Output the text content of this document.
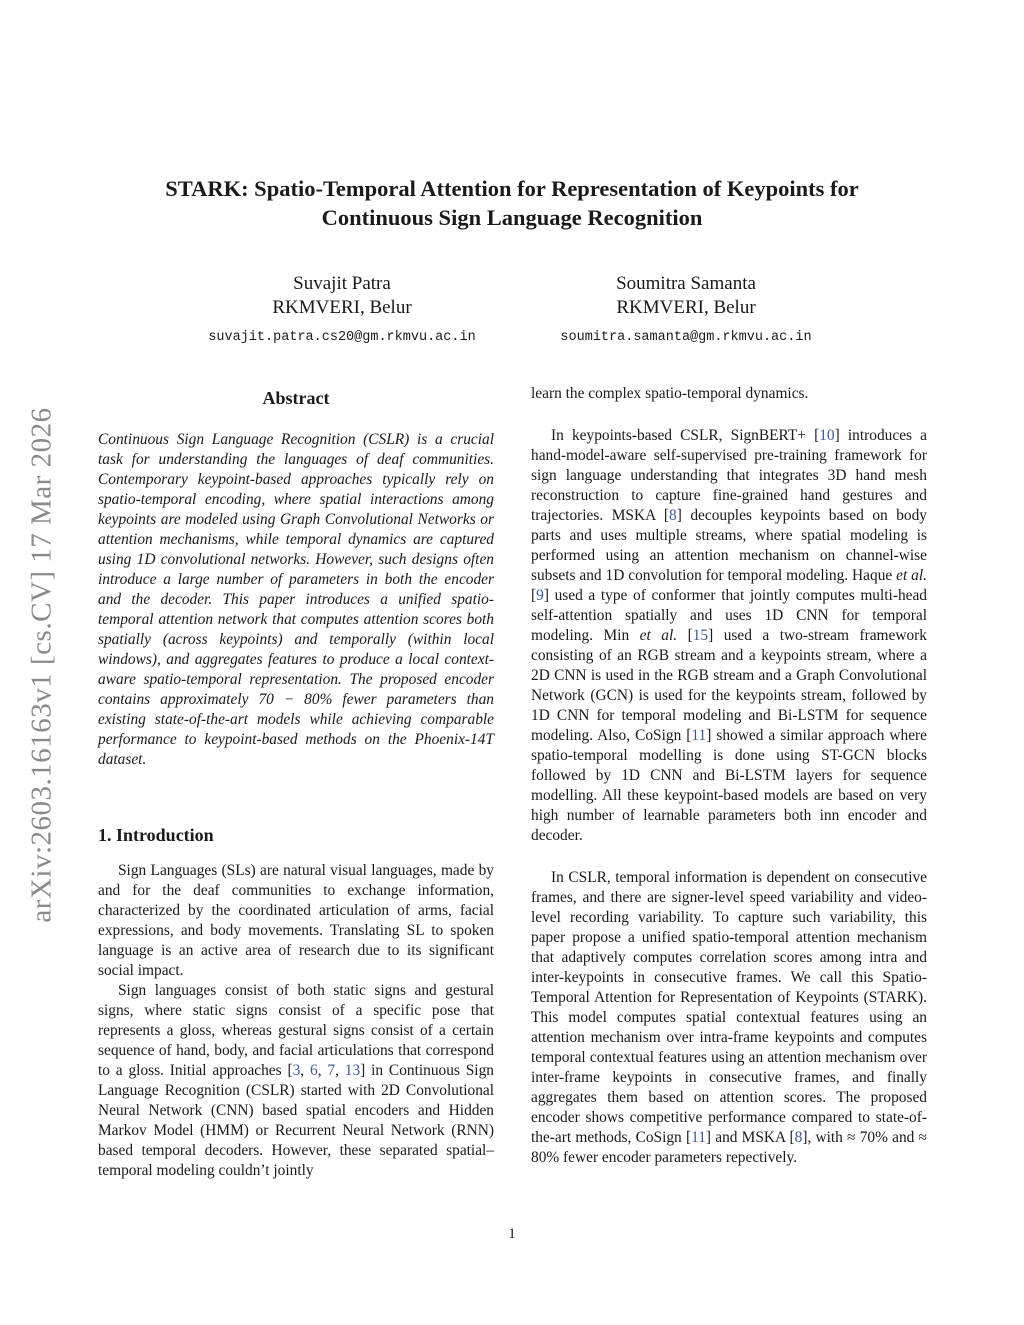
arXiv:2603.16163v1 [cs.CV] 17 Mar 2026
STARK: Spatio-Temporal Attention for Representation of Keypoints for
Continuous Sign Language Recognition
Suvajit Patra
RKMVERI, Belur
suvajit.patra.cs20@gm.rkmvu.ac.in
Soumitra Samanta
RKMVERI, Belur
soumitra.samanta@gm.rkmvu.ac.in
Abstract

Continuous Sign Language Recognition (CSLR) is a crucial task for understanding the languages of deaf communities. Contemporary keypoint-based approaches typically rely on spatio-temporal encoding, where spatial interactions among keypoints are modeled using Graph Convolutional Networks or attention mechanisms, while temporal dynamics are captured using 1D convolutional networks. However, such designs often introduce a large number of parameters in both the encoder and the decoder. This paper introduces a unified spatio-temporal attention network that computes attention scores both spatially (across keypoints) and temporally (within local windows), and aggregates features to produce a local context-aware spatio-temporal representation. The proposed encoder contains approximately 70 − 80% fewer parameters than existing state-of-the-art models while achieving comparable performance to keypoint-based methods on the Phoenix-14T dataset.

1. Introduction

Sign Languages (SLs) are natural visual languages, made by and for the deaf communities to exchange information, characterized by the coordinated articulation of arms, facial expressions, and body movements. Translating SL to spoken language is an active area of research due to its significant social impact.

Sign languages consist of both static signs and gestural signs, where static signs consist of a specific pose that represents a gloss, whereas gestural signs consist of a certain sequence of hand, body, and facial articulations that correspond to a gloss. Initial approaches [3, 6, 7, 13] in Continuous Sign Language Recognition (CSLR) started with 2D Convolutional Neural Network (CNN) based spatial encoders and Hidden Markov Model (HMM) or Recurrent Neural Network (RNN) based temporal decoders. However, these separated spatial–temporal modeling couldn’t jointly

learn the complex spatio-temporal dynamics.

In keypoints-based CSLR, SignBERT+ [10] introduces a hand-model-aware self-supervised pre-training framework for sign language understanding that integrates 3D hand mesh reconstruction to capture fine-grained hand gestures and trajectories. MSKA [8] decouples keypoints based on body parts and uses multiple streams, where spatial modeling is performed using an attention mechanism on channel-wise subsets and 1D convolution for temporal modeling. Haque et al. [9] used a type of conformer that jointly computes multi-head self-attention spatially and uses 1D CNN for temporal modeling. Min et al. [15] used a two-stream framework consisting of an RGB stream and a keypoints stream, where a 2D CNN is used in the RGB stream and a Graph Convolutional Network (GCN) is used for the keypoints stream, followed by 1D CNN for temporal modeling and Bi-LSTM for sequence modeling. Also, CoSign [11] showed a similar approach where spatio-temporal modelling is done using ST-GCN blocks followed by 1D CNN and Bi-LSTM layers for sequence modelling. All these keypoint-based models are based on very high number of learnable parameters both inn encoder and decoder.

In CSLR, temporal information is dependent on consecutive frames, and there are signer-level speed variability and video-level recording variability. To capture such variability, this paper propose a unified spatio-temporal attention mechanism that adaptively computes correlation scores among intra and inter-keypoints in consecutive frames. We call this Spatio-Temporal Attention for Representation of Keypoints (STARK). This model computes spatial contextual features using an attention mechanism over intra-frame keypoints and computes temporal contextual features using an attention mechanism over inter-frame keypoints in consecutive frames, and finally aggregates them based on attention scores. The proposed encoder shows competitive performance compared to state-of-the-art methods, CoSign [11] and MSKA [8], with ≈ 70% and ≈ 80% fewer encoder parameters repectively.

1
